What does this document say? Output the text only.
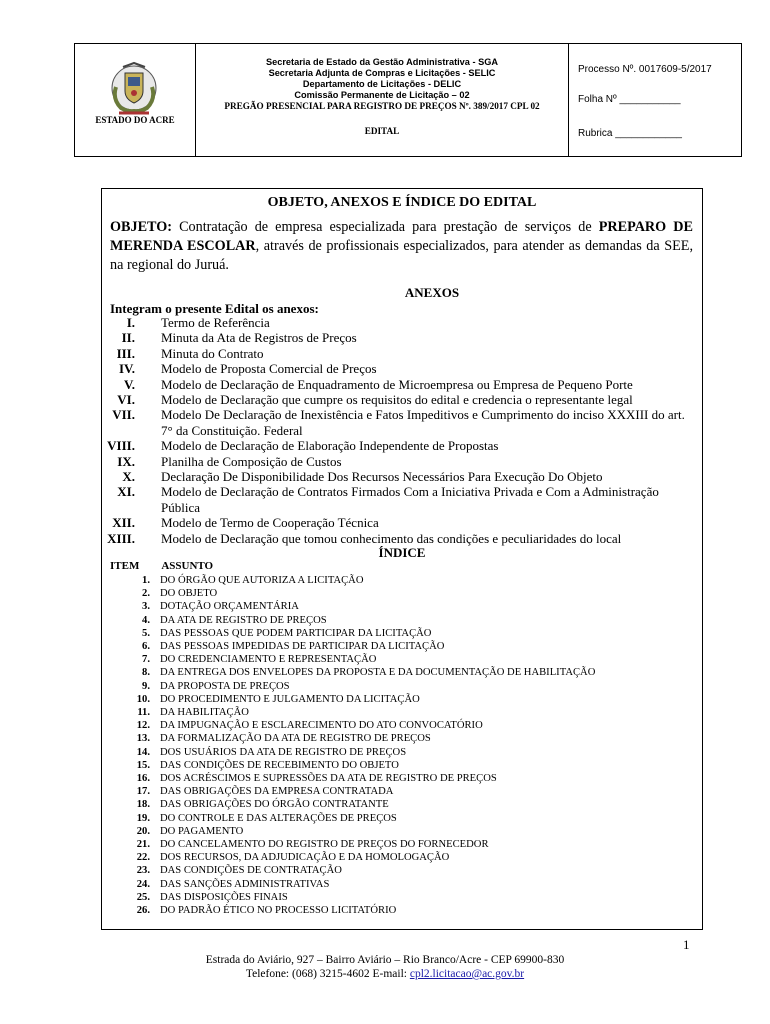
ESTADO DO ACRE
Secretaria de Estado da Gestão Administrativa - SGA
Secretaria Adjunta de Compras e Licitações - SELIC
Departamento de Licitações - DELIC
Comissão Permanente de Licitação – 02
PREGÃO PRESENCIAL PARA REGISTRO DE PREÇOS Nº. 389/2017 CPL 02
EDITAL
Processo Nº. 0017609-5/2017
Folha Nº ___________
Rubrica ____________
OBJETO, ANEXOS E ÍNDICE DO EDITAL
OBJETO: Contratação de empresa especializada para prestação de serviços de PREPARO DE MERENDA ESCOLAR, através de profissionais especializados, para atender as demandas da SEE, na regional do Juruá.
ANEXOS
Integram o presente Edital os anexos:
I. Termo de Referência
II. Minuta da Ata de Registros de Preços
III. Minuta do Contrato
IV. Modelo de Proposta Comercial de Preços
V. Modelo de Declaração de Enquadramento de Microempresa ou Empresa de Pequeno Porte
VI. Modelo de Declaração que cumpre os requisitos do edital e credencia o representante legal
VII. Modelo De Declaração de Inexistência e Fatos Impeditivos e Cumprimento do inciso XXXIII do art. 7° da Constituição. Federal
VIII. Modelo de Declaração de Elaboração Independente de Propostas
IX. Planilha de Composição de Custos
X. Declaração De Disponibilidade Dos Recursos Necessários Para Execução Do Objeto
XI. Modelo de Declaração de Contratos Firmados Com a Iniciativa Privada e Com a Administração Pública
XII. Modelo de Termo de Cooperação Técnica
XIII. Modelo de Declaração que tomou conhecimento das condições e peculiaridades do local
ÍNDICE
ITEM ASSUNTO
1. DO ÓRGÃO QUE AUTORIZA A LICITAÇÃO
2. DO OBJETO
3. DOTAÇÃO ORÇAMENTÁRIA
4. DA ATA DE REGISTRO DE PREÇOS
5. DAS PESSOAS QUE PODEM PARTICIPAR DA LICITAÇÃO
6. DAS PESSOAS IMPEDIDAS DE PARTICIPAR DA LICITAÇÃO
7. DO CREDENCIAMENTO E REPRESENTAÇÃO
8. DA ENTREGA DOS ENVELOPES DA PROPOSTA E DA DOCUMENTAÇÃO DE HABILITAÇÃO
9. DA PROPOSTA DE PREÇOS
10. DO PROCEDIMENTO E JULGAMENTO DA LICITAÇÃO
11. DA HABILITAÇÃO
12. DA IMPUGNAÇÃO E ESCLARECIMENTO DO ATO CONVOCATÓRIO
13. DA FORMALIZAÇÃO DA ATA DE REGISTRO DE PREÇOS
14. DOS USUÁRIOS DA ATA DE REGISTRO DE PREÇOS
15. DAS CONDIÇÕES DE RECEBIMENTO DO OBJETO
16. DOS ACRÉSCIMOS E SUPRESSÕES DA ATA DE REGISTRO DE PREÇOS
17. DAS OBRIGAÇÕES DA EMPRESA CONTRATADA
18. DAS OBRIGAÇÕES DO ÓRGÃO CONTRATANTE
19. DO CONTROLE E DAS ALTERAÇÕES DE PREÇOS
20. DO PAGAMENTO
21. DO CANCELAMENTO DO REGISTRO DE PREÇOS DO FORNECEDOR
22. DOS RECURSOS, DA ADJUDICAÇÃO E DA HOMOLOGAÇÃO
23. DAS CONDIÇÕES DE CONTRATAÇÃO
24. DAS SANÇÕES ADMINISTRATIVAS
25. DAS DISPOSIÇÕES FINAIS
26. DO PADRÃO ÉTICO NO PROCESSO LICITATÓRIO
1
Estrada do Aviário, 927 – Bairro Aviário – Rio Branco/Acre - CEP 69900-830
Telefone: (068) 3215-4602 E-mail: cpl2.licitacao@ac.gov.br
